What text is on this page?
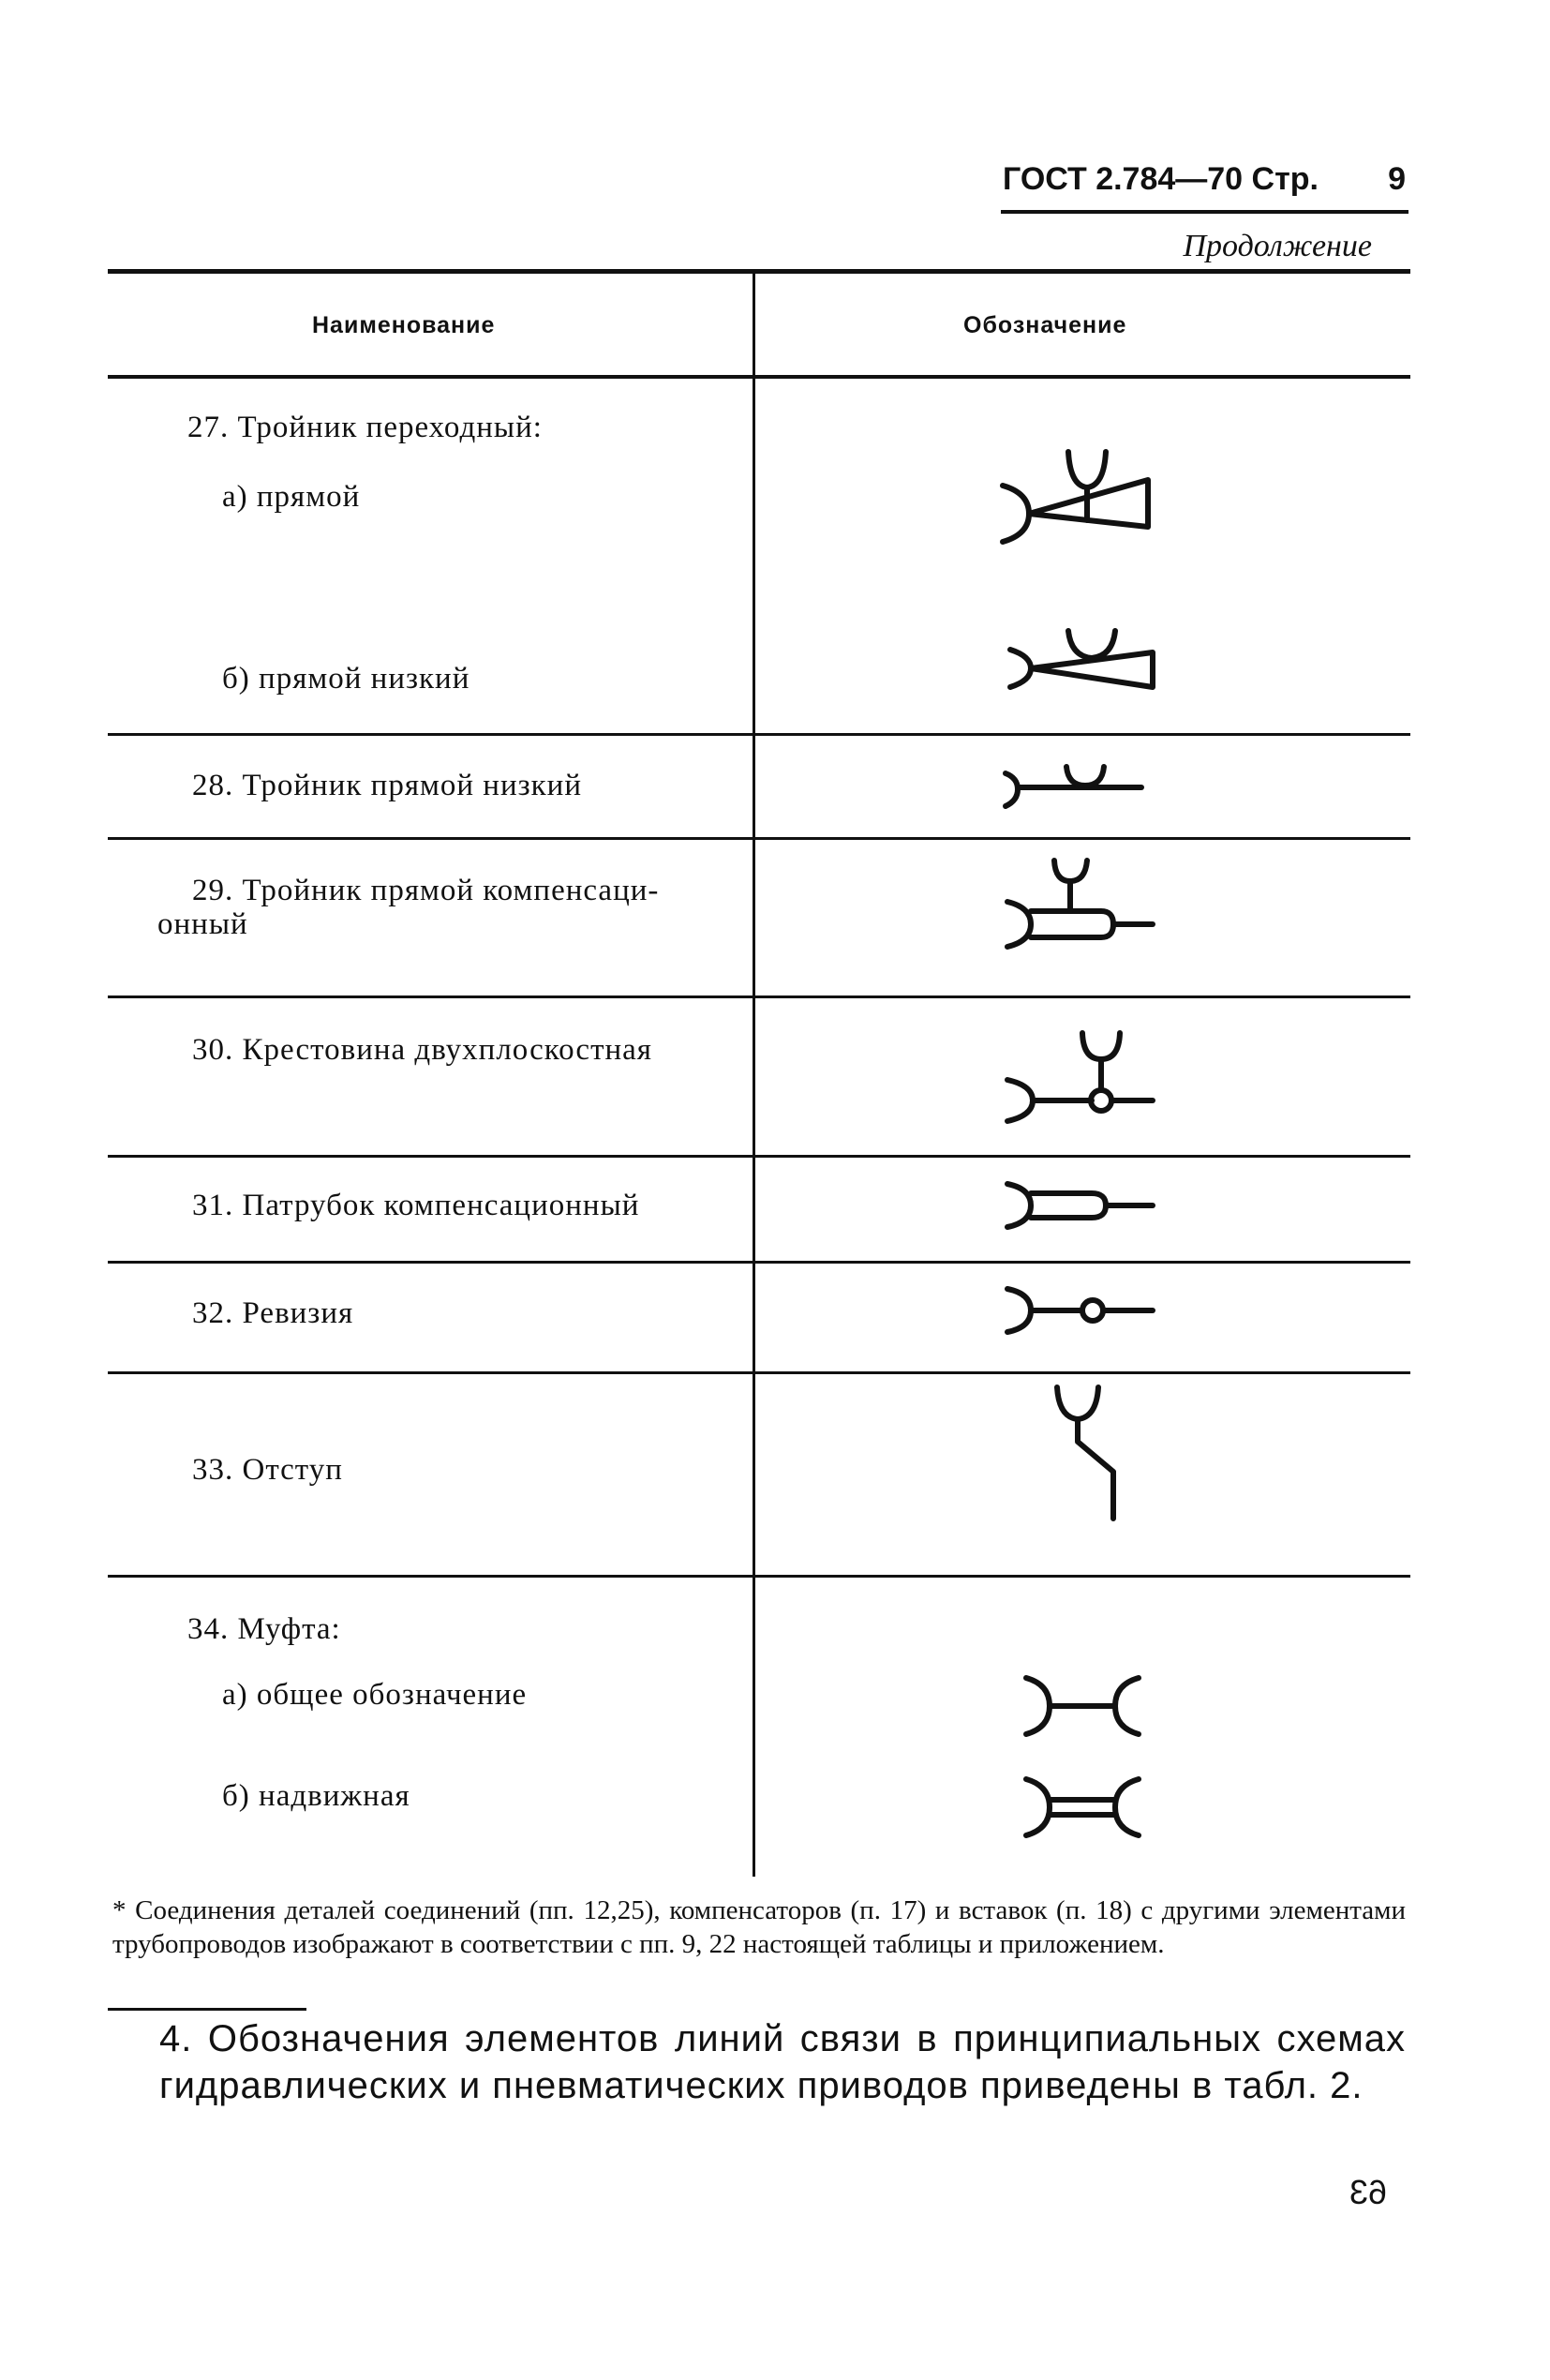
ГОСТ 2.784—70 Стр. 9
Продолжение
Наименование	Обозначение
27. Тройник переходный:
а) прямой
б) прямой низкий
28. Тройник прямой низкий
29. Тройник прямой компенсаци-
онный
30. Крестовина двухплоскостная
31. Патрубок компенсационный
32. Ревизия
33. Отступ
34. Муфта:
а) общее обозначение
б) надвижная
* Соединения деталей соединений (пп. 12,25), компенсаторов (п. 17) и вставок (п. 18) с другими элементами трубопроводов изображают в соответствии с пп. 9, 22 настоящей таблицы и приложением.
4. Обозначения элементов линий связи в принципиальных схемах гидравлических и пневматических приводов приведены в табл. 2.
63
